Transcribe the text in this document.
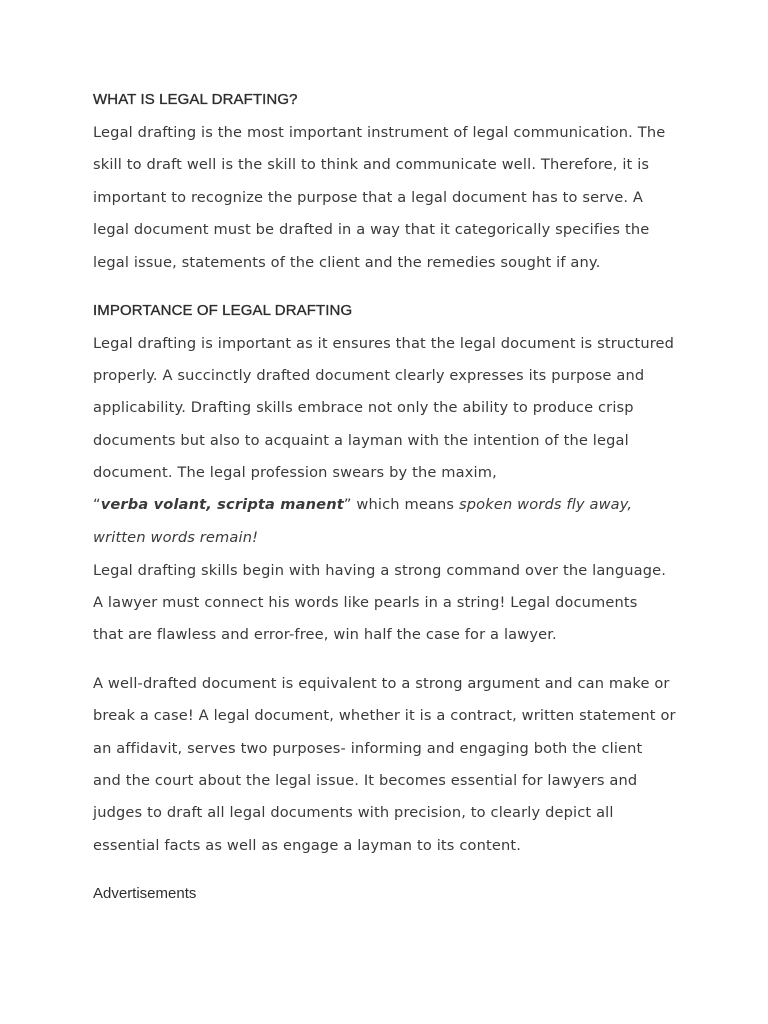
WHAT IS LEGAL DRAFTING?

Legal drafting is the most important instrument of legal communication. The

skill to draft well is the skill to think and communicate well. Therefore, it is

important to recognize the purpose that a legal document has to serve. A

legal document must be drafted in a way that it categorically specifies the

legal issue, statements of the client and the remedies sought if any.

IMPORTANCE OF LEGAL DRAFTING

Legal drafting is important as it ensures that the legal document is structured

properly. A succinctly drafted document clearly expresses its purpose and

applicability. Drafting skills embrace not only the ability to produce crisp

documents but also to acquaint a layman with the intention of the legal

document. The legal profession swears by the maxim,

“verba volant, scripta manent” which means spoken words fly away,

written words remain!

Legal drafting skills begin with having a strong command over the language.

A lawyer must connect his words like pearls in a string! Legal documents

that are flawless and error-free, win half the case for a lawyer.

A well-drafted document is equivalent to a strong argument and can make or

break a case! A legal document, whether it is a contract, written statement or

an affidavit, serves two purposes- informing and engaging both the client

and the court about the legal issue. It becomes essential for lawyers and

judges to draft all legal documents with precision, to clearly depict all

essential facts as well as engage a layman to its content.

Advertisements
